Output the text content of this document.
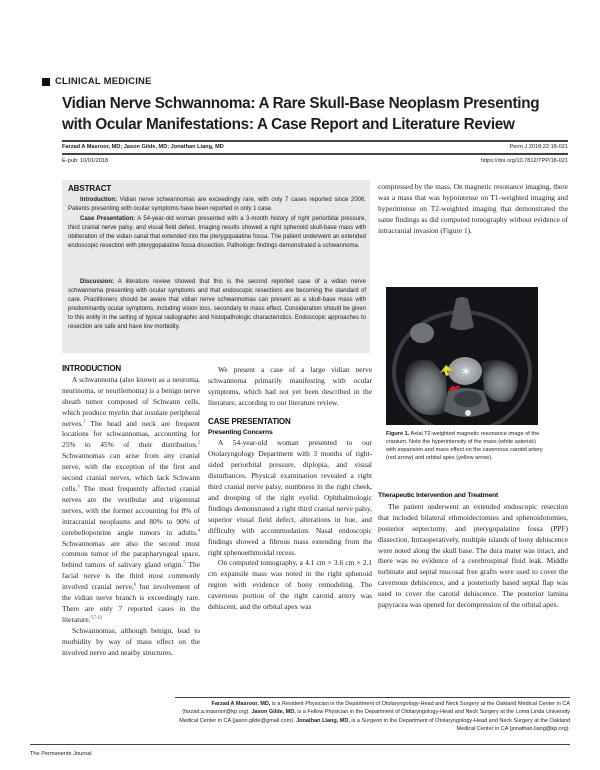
CLINICAL MEDICINE
Vidian Nerve Schwannoma: A Rare Skull-Base Neoplasm Presenting with Ocular Manifestations: A Case Report and Literature Review
Farzad A Masroor, MD; Jason Gilde, MD; Jonathan Liang, MD	Perm J 2018;22:18-021
E-pub: 10/01/2018	https://doi.org/10.7812/TPP/18-021
ABSTRACT

Introduction: Vidian nerve schwannomas are exceedingly rare, with only 7 cases reported since 2006. Patients presenting with ocular symptoms have been reported in only 1 case.

Case Presentation: A 54-year-old woman presented with a 3-month history of right periorbital pressure, third cranial nerve palsy, and visual field defect. Imaging results showed a right sphenoid skull-base mass with obliteration of the vidian canal that extended into the pterygopalatine fossa. The patient underwent an extended endoscopic resection with pterygopalatine fossa dissection. Pathologic findings demonstrated a schwannoma.

Discussion: A literature review showed that this is the second reported case of a vidian nerve schwannoma presenting with ocular symptoms and that endoscopic resections are becoming the standard of care. Practitioners should be aware that vidian nerve schwannomas can present as a skull-base mass with predominantly ocular symptoms, including vision loss, secondary to mass effect. Consideration should be given to this entity in the setting of typical radiographic and histopathologic characteristics. Endoscopic approaches to resection are safe and have low morbidity.

INTRODUCTION

A schwannoma (also known as a neuroma, neurinoma, or neurilemoma) is a benign nerve sheath tumor composed of Schwann cells, which produce myelin that insulate peripheral nerves.$^1$ The head and neck are frequent locations for schwannomas, accounting for 25% to 45% of their distribution.$^2$ Schwannomas can arise from any cranial nerve, with the exception of the first and second cranial nerves, which lack Schwann cells.$^3$ The most frequently affected cranial nerves are the vestibular and trigeminal nerves, with the former accounting for 8% of intracranial neoplasms and 80% to 90% of cerebellopontine angle tumors in adults.$^4$ Schwannomas are also the second most common tumor of the parapharyngeal space, behind tumors of salivary gland origin.$^5$ The facial nerve is the third most commonly involved cranial nerve,$^6$ but involvement of the vidian nerve branch is exceedingly rare. There are only 7 reported cases in the literature.$^{5,7-12}$

Schwannomas, although benign, lead to morbidity by way of mass effect on the involved nerve and nearby structures.

We present a case of a large vidian nerve schwannoma primarily manifesting with ocular symptoms, which had not yet been described in the literature, according to our literature review.

CASE PRESENTATION
Presenting Concerns

A 54-year-old woman presented to our Otolaryngology Department with 3 months of right-sided periorbital pressure, diplopia, and visual disturbances. Physical examination revealed a right third cranial nerve palsy, numbness in the right cheek, and drooping of the right eyelid. Ophthalmologic findings demonstrated a right third cranial nerve palsy, superior visual field defect, alterations in hue, and difficulty with accommodation. Nasal endoscopic findings showed a fibrous mass extending from the right sphenoethmoidal recess.

On computed tomography, a 4.1 cm × 3.6 cm × 2.1 cm expansile mass was noted in the right sphenoid region with evidence of bony remodeling. The cavernous portion of the right carotid artery was dehiscent, and the orbital apex was

compressed by the mass. On magnetic resonance imaging, there was a mass that was hypointense on T1-weighted imaging and hyperintense on T2-weighted imaging that demonstrated the same findings as did computed tomography without evidence of intracranial invasion (Figure 1).

*
Figure 1. Axial T2-weighted magnetic resonance image of the cranium. Note the hyperintensity of the mass (white asterisk) with expansion and mass effect on the cavernous carotid artery (red arrow) and orbital apex (yellow arrow).
Therapeutic Intervention and Treatment

The patient underwent an extended endoscopic resection that included bilateral ethmoidectomies and sphenoidotomies, posterior septectomy, and pterygopalatine fossa (PPF) dissection. Intraoperatively, multiple islands of bony dehiscence were noted along the skull base. The dura mater was intact, and there was no evidence of a cerebrospinal fluid leak. Middle turbinate and septal mucosal free grafts were used to cover the cavernous dehiscence, and a posteriorly based septal flap was used to cover the carotid dehiscence. The posterior lamina papyracea was opened for decompression of the orbital apex.

Farzad A Masroor, MD, is a Resident Physician in the Department of Otolaryngology-Head and Neck Surgery at the Oakland Medical Center in CA (farzad.a.masroor@kp.org). Jason Gilde, MD, is a Fellow Physician in the Department of Otolaryngology-Head and Neck Surgery at the Loma Linda University Medical Center in CA (jason.gilde@gmail.com). Jonathan Liang, MD, is a Surgeon in the Department of Otolaryngology-Head and Neck Surgery at the Oakland Medical Center in CA (jonathan.liang@kp.org).
The Permanente Journal
